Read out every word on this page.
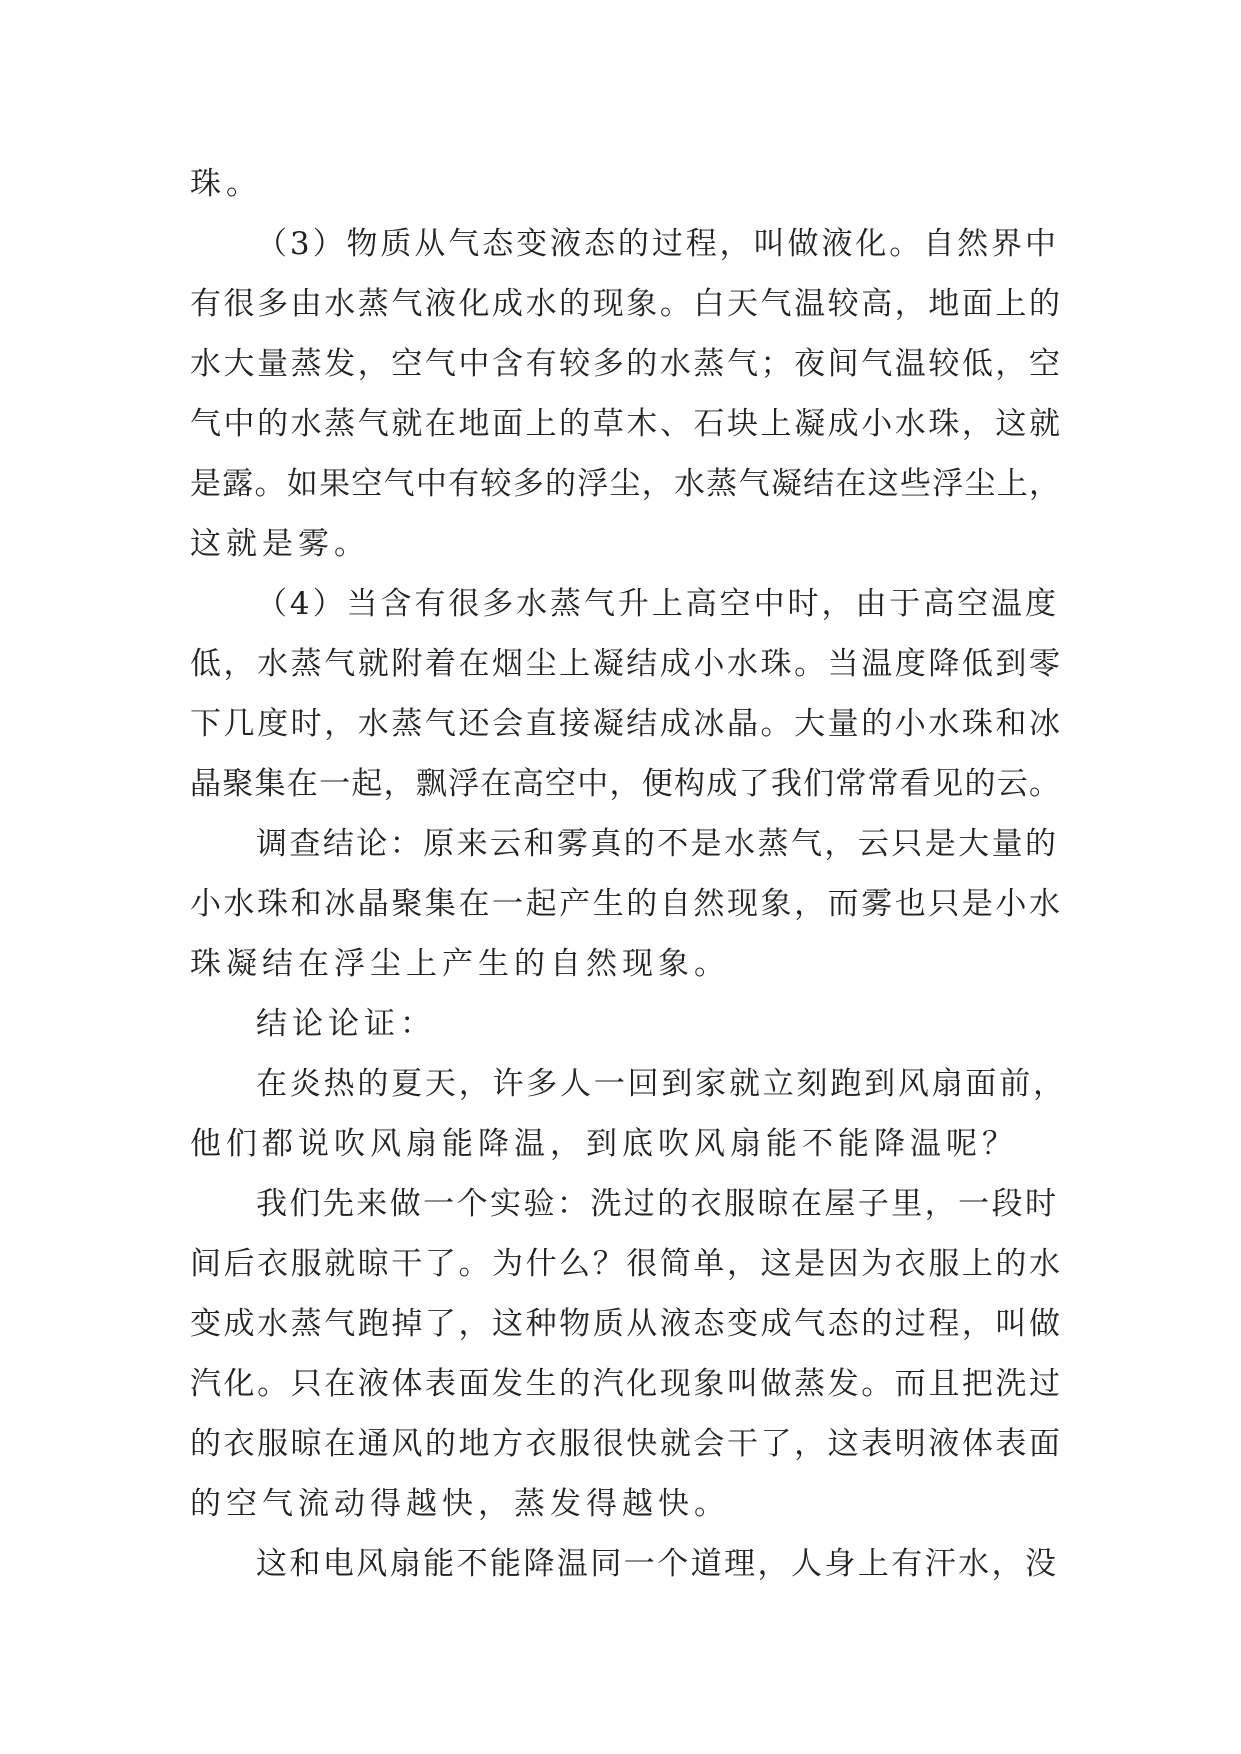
珠。
（3）物质从气态变液态的过程，叫做液化。自然界中
有很多由水蒸气液化成水的现象。白天气温较高，地面上的
水大量蒸发，空气中含有较多的水蒸气；夜间气温较低，空
气中的水蒸气就在地面上的草木、石块上凝成小水珠，这就
是露。如果空气中有较多的浮尘，水蒸气凝结在这些浮尘上，
这就是雾。
（4）当含有很多水蒸气升上高空中时，由于高空温度
低，水蒸气就附着在烟尘上凝结成小水珠。当温度降低到零
下几度时，水蒸气还会直接凝结成冰晶。大量的小水珠和冰
晶聚集在一起，飘浮在高空中，便构成了我们常常看见的云。
调查结论：原来云和雾真的不是水蒸气，云只是大量的
小水珠和冰晶聚集在一起产生的自然现象，而雾也只是小水
珠凝结在浮尘上产生的自然现象。
结论论证：
在炎热的夏天，许多人一回到家就立刻跑到风扇面前，
他们都说吹风扇能降温，到底吹风扇能不能降温呢？
我们先来做一个实验：洗过的衣服晾在屋子里，一段时
间后衣服就晾干了。为什么？很简单，这是因为衣服上的水
变成水蒸气跑掉了，这种物质从液态变成气态的过程，叫做
汽化。只在液体表面发生的汽化现象叫做蒸发。而且把洗过
的衣服晾在通风的地方衣服很快就会干了，这表明液体表面
的空气流动得越快，蒸发得越快。
这和电风扇能不能降温同一个道理，人身上有汗水，没
